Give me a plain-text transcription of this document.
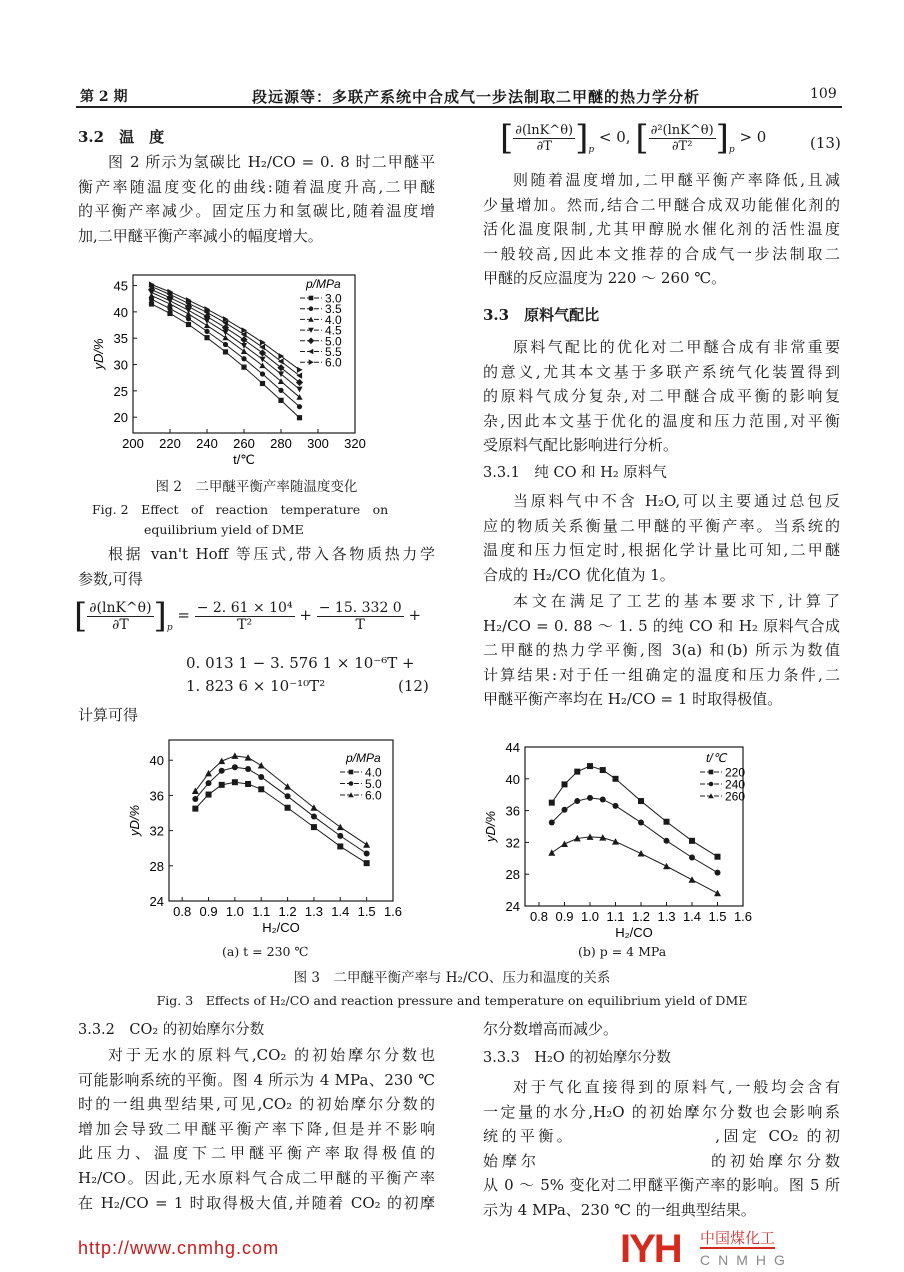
第 2 期	段远源等：多联产系统中合成气一步法制取二甲醚的热力学分析	109
3.2　温　度
图 2 所示为氢碳比 H₂/CO = 0. 8 时二甲醚平
衡产率随温度变化的曲线:随着温度升高,二甲醚
的平衡产率减少。固定压力和氢碳比,随着温度增
加,二甲醚平衡产率减小的幅度增大。
图 2　二甲醚平衡产率随温度变化
Fig. 2　Effect　of　reaction　temperature　on
equilibrium yield of DME
根据 van't Hoff 等压式,带入各物质热力学
参数,可得
[ $\frac{\partial(\ln K\^{}\theta)}{\partial T} ]_p = \frac{\text{− 2. 61 × 10⁴}}{\text{T²}} + \frac{- 15. 332 0}{T}$ +
0. 013 1 − 3. 576 1 × 10⁻⁶T +
1. 823 6 × 10⁻¹⁰T²	(12)
计算可得
3.3.2　CO₂ 的初始摩尔分数
对于无水的原料气,CO₂ 的初始摩尔分数也
可能影响系统的平衡。图 4 所示为 4 MPa、230 ℃
时的一组典型结果,可见,CO₂ 的初始摩尔分数的
增加会导致二甲醚平衡产率下降,但是并不影响
此压力、温度下二甲醚平衡产率取得极值的
H₂/CO。因此,无水原料气合成二甲醚的平衡产率
在 H₂/CO = 1 时取得极大值,并随着 CO₂ 的初摩
[ $\frac{\partial(\ln K\^{}\theta)}{\partial T} ]_p < 0$, [ $\frac{\text{∂²(lnK\textasciicircum{}θ)}}{\text{∂T²}} ]_p > 0$	(13)
则随着温度增加,二甲醚平衡产率降低,且减
少量增加。然而,结合二甲醚合成双功能催化剂的
活化温度限制,尤其甲醇脱水催化剂的活性温度
一般较高,因此本文推荐的合成气一步法制取二
甲醚的反应温度为 220 ～ 260 ℃。
3.3　原料气配比
原料气配比的优化对二甲醚合成有非常重要
的意义,尤其本文基于多联产系统气化装置得到
的原料气成分复杂,对二甲醚合成平衡的影响复
杂,因此本文基于优化的温度和压力范围,对平衡
受原料气配比影响进行分析。
3.3.1　纯 CO 和 H₂ 原料气
当原料气中不含 H₂O,可以主要通过总包反
应的物质关系衡量二甲醚的平衡产率。当系统的
温度和压力恒定时,根据化学计量比可知,二甲醚
合成的 H₂/CO 优化值为 1。
本文在满足了工艺的基本要求下,计算了
H₂/CO = 0. 88 ～ 1. 5 的纯 CO 和 H₂ 原料气合成
二甲醚的热力学平衡,图 3(a) 和(b) 所示为数值
计算结果:对于任一组确定的温度和压力条件,二
甲醚平衡产率均在 H₂/CO = 1 时取得极值。
尔分数增高而减少。
3.3.3　H₂O 的初始摩尔分数
对于气化直接得到的原料气,一般均会含有
一定量的水分,H₂O 的初始摩尔分数也会影响系
统的平衡。　　　　　　　　,固定 CO₂ 的初
始摩尔　　　　　　　　　的初始摩尔分数
从 0 ～ 5% 变化对二甲醚平衡产率的影响。图 5 所
示为 4 MPa、230 ℃ 的一组典型结果。
(a) t = 230 ℃	(b) p = 4 MPa
图 3　二甲醚平衡产率与 H₂/CO、压力和温度的关系
Fig. 3　Effects of H₂/CO and reaction pressure and temperature on equilibrium yield of DME
200 220 240 260 280 300 320
20
25
30
35
40
45
t/℃
yD/%
3.0
3.5
4.0
4.5
5.0
5.5
6.0
p/MPa
0.8 0.9 1.0 1.1 1.2 1.3 1.4 1.5 1.6
24
28
32
36
40
H₂/CO
yD/%
4.0
5.0
6.0
p/MPa
0.8 0.9 1.0 1.1 1.2 1.3 1.4 1.5 1.6
24
28
32
36
40
44
H₂/CO
yD/%
220
240
260
t/℃
http://www.cnmhg.com	IYH 中国煤化工
CNMHG
